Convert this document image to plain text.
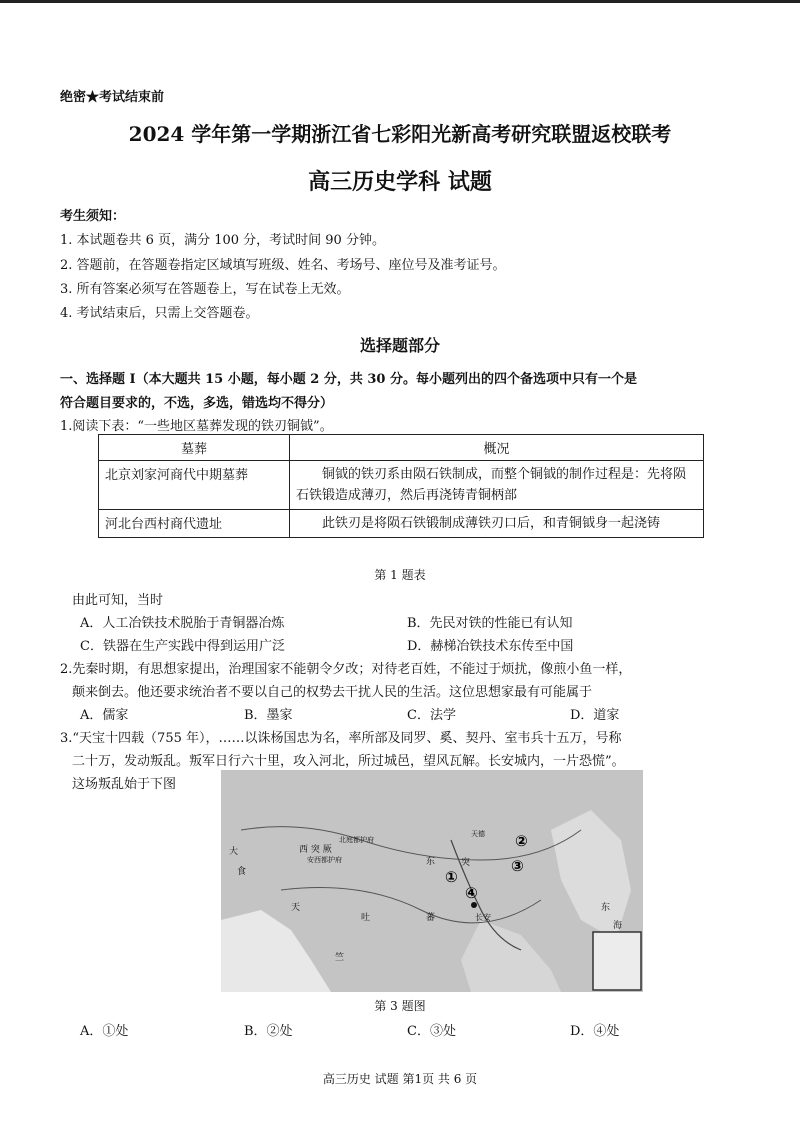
绝密★考试结束前
2024 学年第一学期浙江省七彩阳光新高考研究联盟返校联考
高三历史学科 试题
考生须知：
1. 本试题卷共 6 页，满分 100 分，考试时间 90 分钟。
2. 答题前，在答题卷指定区域填写班级、姓名、考场号、座位号及准考证号。
3. 所有答案必须写在答题卷上，写在试卷上无效。
4. 考试结束后，只需上交答题卷。
选择题部分
一、选择题 I（本大题共 15 小题，每小题 2 分，共 30 分。每小题列出的四个备选项中只有一个是
符合题目要求的，不选，多选，错选均不得分）
1.阅读下表：“一些地区墓葬发现的铁刃铜钺”。
墓葬	概况
北京刘家河商代中期墓葬	铜钺的铁刃系由陨石铁制成，而整个铜钺的制作过程是：先将陨石铁锻造成薄刃，然后再浇铸青铜柄部
河北台西村商代遗址	此铁刃是将陨石铁锻制成薄铁刃口后，和青铜钺身一起浇铸
第 1 题表
由此可知，当时
A．人工冶铁技术脱胎于青铜器冶炼	B．先民对铁的性能已有认知
C．铁器在生产实践中得到运用广泛	D．赫梯冶铁技术东传至中国
2.先秦时期，有思想家提出，治理国家不能朝令夕改；对待老百姓，不能过于烦扰，像煎小鱼一样，
颠来倒去。他还要求统治者不要以自己的权势去干扰人民的生活。这位思想家最有可能属于
A．儒家	B．墨家	C．法学	D．道家
3.“天宝十四载（755 年），……以诛杨国忠为名，率所部及同罗、奚、契丹、室韦兵十五万，号称
二十万，发动叛乱。叛军日行六十里，攻入河北，所过城邑，望风瓦解。长安城内，一片恐慌”。
这场叛乱始于下图
西 突 厥
北庭都护府
安西都护府	东	突
天德
吐	蕃	长安
大
食
天
竺
东
海
①
②
③
④
第 3 题图
A．①处	B．②处	C．③处	D．④处
高三历史 试题 第1页 共 6 页
